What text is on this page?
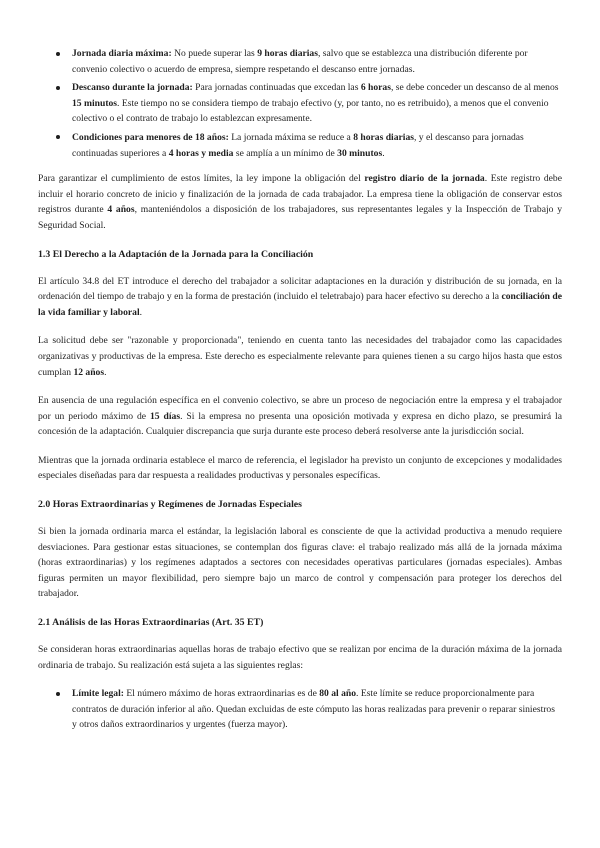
Jornada diaria máxima: No puede superar las 9 horas diarias, salvo que se establezca una distribución diferente por convenio colectivo o acuerdo de empresa, siempre respetando el descanso entre jornadas.
Descanso durante la jornada: Para jornadas continuadas que excedan las 6 horas, se debe conceder un descanso de al menos 15 minutos. Este tiempo no se considera tiempo de trabajo efectivo (y, por tanto, no es retribuido), a menos que el convenio colectivo o el contrato de trabajo lo establezcan expresamente.
Condiciones para menores de 18 años: La jornada máxima se reduce a 8 horas diarias, y el descanso para jornadas continuadas superiores a 4 horas y media se amplía a un mínimo de 30 minutos.

Para garantizar el cumplimiento de estos límites, la ley impone la obligación del registro diario de la jornada. Este registro debe incluir el horario concreto de inicio y finalización de la jornada de cada trabajador. La empresa tiene la obligación de conservar estos registros durante 4 años, manteniéndolos a disposición de los trabajadores, sus representantes legales y la Inspección de Trabajo y Seguridad Social.

1.3 El Derecho a la Adaptación de la Jornada para la Conciliación

El artículo 34.8 del ET introduce el derecho del trabajador a solicitar adaptaciones en la duración y distribución de su jornada, en la ordenación del tiempo de trabajo y en la forma de prestación (incluido el teletrabajo) para hacer efectivo su derecho a la conciliación de la vida familiar y laboral.

La solicitud debe ser "razonable y proporcionada", teniendo en cuenta tanto las necesidades del trabajador como las capacidades organizativas y productivas de la empresa. Este derecho es especialmente relevante para quienes tienen a su cargo hijos hasta que estos cumplan 12 años.

En ausencia de una regulación específica en el convenio colectivo, se abre un proceso de negociación entre la empresa y el trabajador por un periodo máximo de 15 días. Si la empresa no presenta una oposición motivada y expresa en dicho plazo, se presumirá la concesión de la adaptación. Cualquier discrepancia que surja durante este proceso deberá resolverse ante la jurisdicción social.

Mientras que la jornada ordinaria establece el marco de referencia, el legislador ha previsto un conjunto de excepciones y modalidades especiales diseñadas para dar respuesta a realidades productivas y personales específicas.

2.0 Horas Extraordinarias y Regímenes de Jornadas Especiales

Si bien la jornada ordinaria marca el estándar, la legislación laboral es consciente de que la actividad productiva a menudo requiere desviaciones. Para gestionar estas situaciones, se contemplan dos figuras clave: el trabajo realizado más allá de la jornada máxima (horas extraordinarias) y los regímenes adaptados a sectores con necesidades operativas particulares (jornadas especiales). Ambas figuras permiten un mayor flexibilidad, pero siempre bajo un marco de control y compensación para proteger los derechos del trabajador.

2.1 Análisis de las Horas Extraordinarias (Art. 35 ET)

Se consideran horas extraordinarias aquellas horas de trabajo efectivo que se realizan por encima de la duración máxima de la jornada ordinaria de trabajo. Su realización está sujeta a las siguientes reglas:

Límite legal: El número máximo de horas extraordinarias es de 80 al año. Este límite se reduce proporcionalmente para contratos de duración inferior al año. Quedan excluidas de este cómputo las horas realizadas para prevenir o reparar siniestros y otros daños extraordinarios y urgentes (fuerza mayor).
